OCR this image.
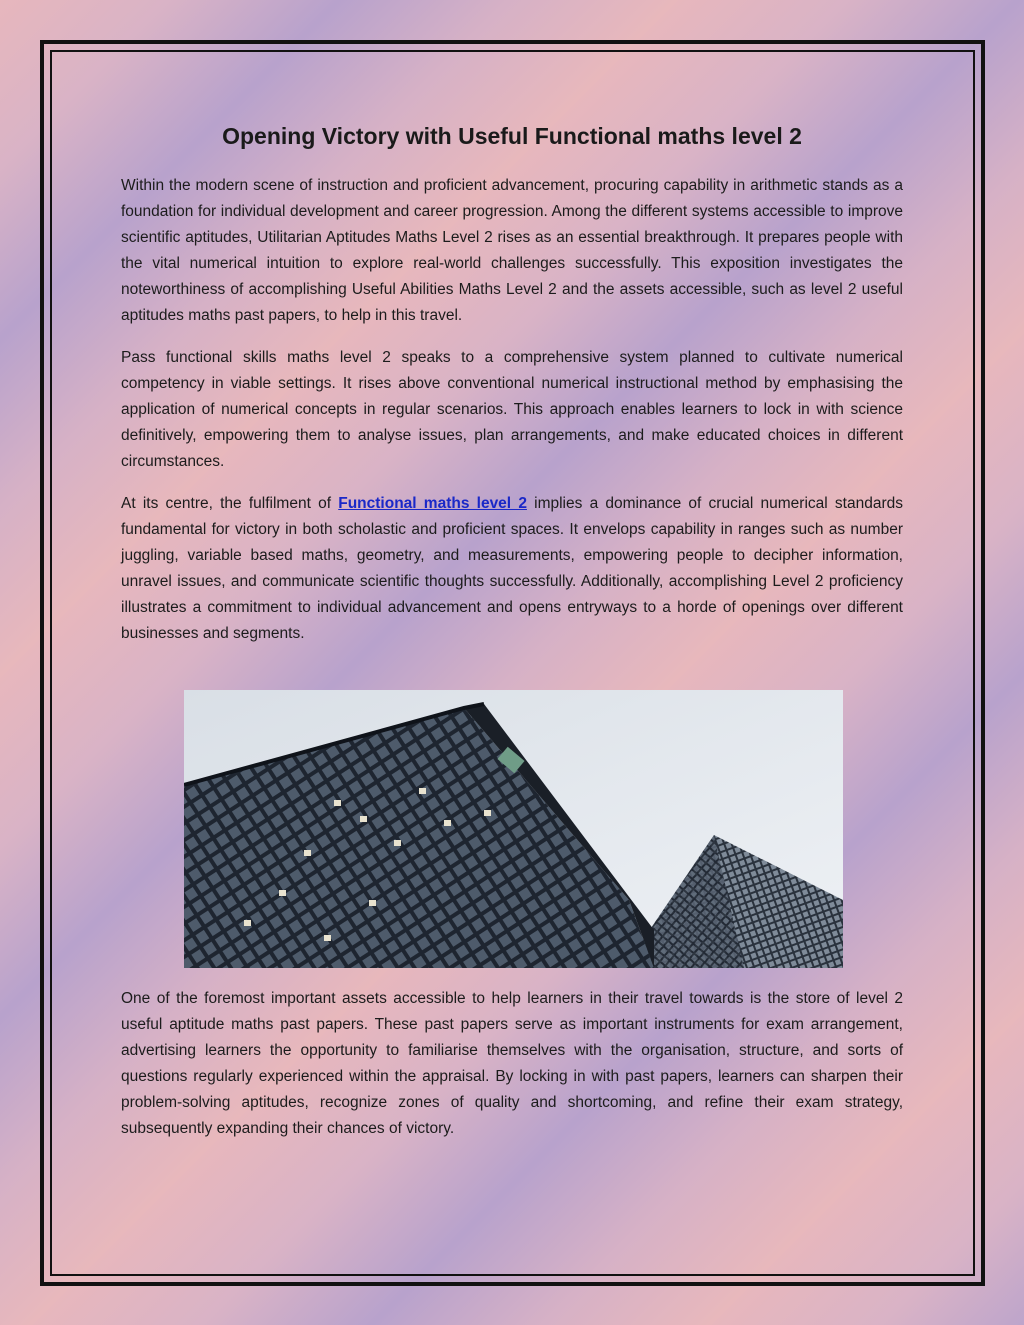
Opening Victory with Useful Functional maths level 2

Within the modern scene of instruction and proficient advancement, procuring capability in arithmetic stands as a foundation for individual development and career progression. Among the different systems accessible to improve scientific aptitudes, Utilitarian Aptitudes Maths Level 2 rises as an essential breakthrough. It prepares people with the vital numerical intuition to explore real-world challenges successfully. This exposition investigates the noteworthiness of accomplishing Useful Abilities Maths Level 2 and the assets accessible, such as level 2 useful aptitudes maths past papers, to help in this travel.

Pass functional skills maths level 2 speaks to a comprehensive system planned to cultivate numerical competency in viable settings. It rises above conventional numerical instructional method by emphasising the application of numerical concepts in regular scenarios. This approach enables learners to lock in with science definitively, empowering them to analyse issues, plan arrangements, and make educated choices in different circumstances.

At its centre, the fulfilment of Functional maths level 2 implies a dominance of crucial numerical standards fundamental for victory in both scholastic and proficient spaces. It envelops capability in ranges such as number juggling, variable based maths, geometry, and measurements, empowering people to decipher information, unravel issues, and communicate scientific thoughts successfully. Additionally, accomplishing Level 2 proficiency illustrates a commitment to individual advancement and opens entryways to a horde of openings over different businesses and segments.

One of the foremost important assets accessible to help learners in their travel towards is the store of level 2 useful aptitude maths past papers. These past papers serve as important instruments for exam arrangement, advertising learners the opportunity to familiarise themselves with the organisation, structure, and sorts of questions regularly experienced within the appraisal. By locking in with past papers, learners can sharpen their problem-solving aptitudes, recognize zones of quality and shortcoming, and refine their exam strategy, subsequently expanding their chances of victory.
